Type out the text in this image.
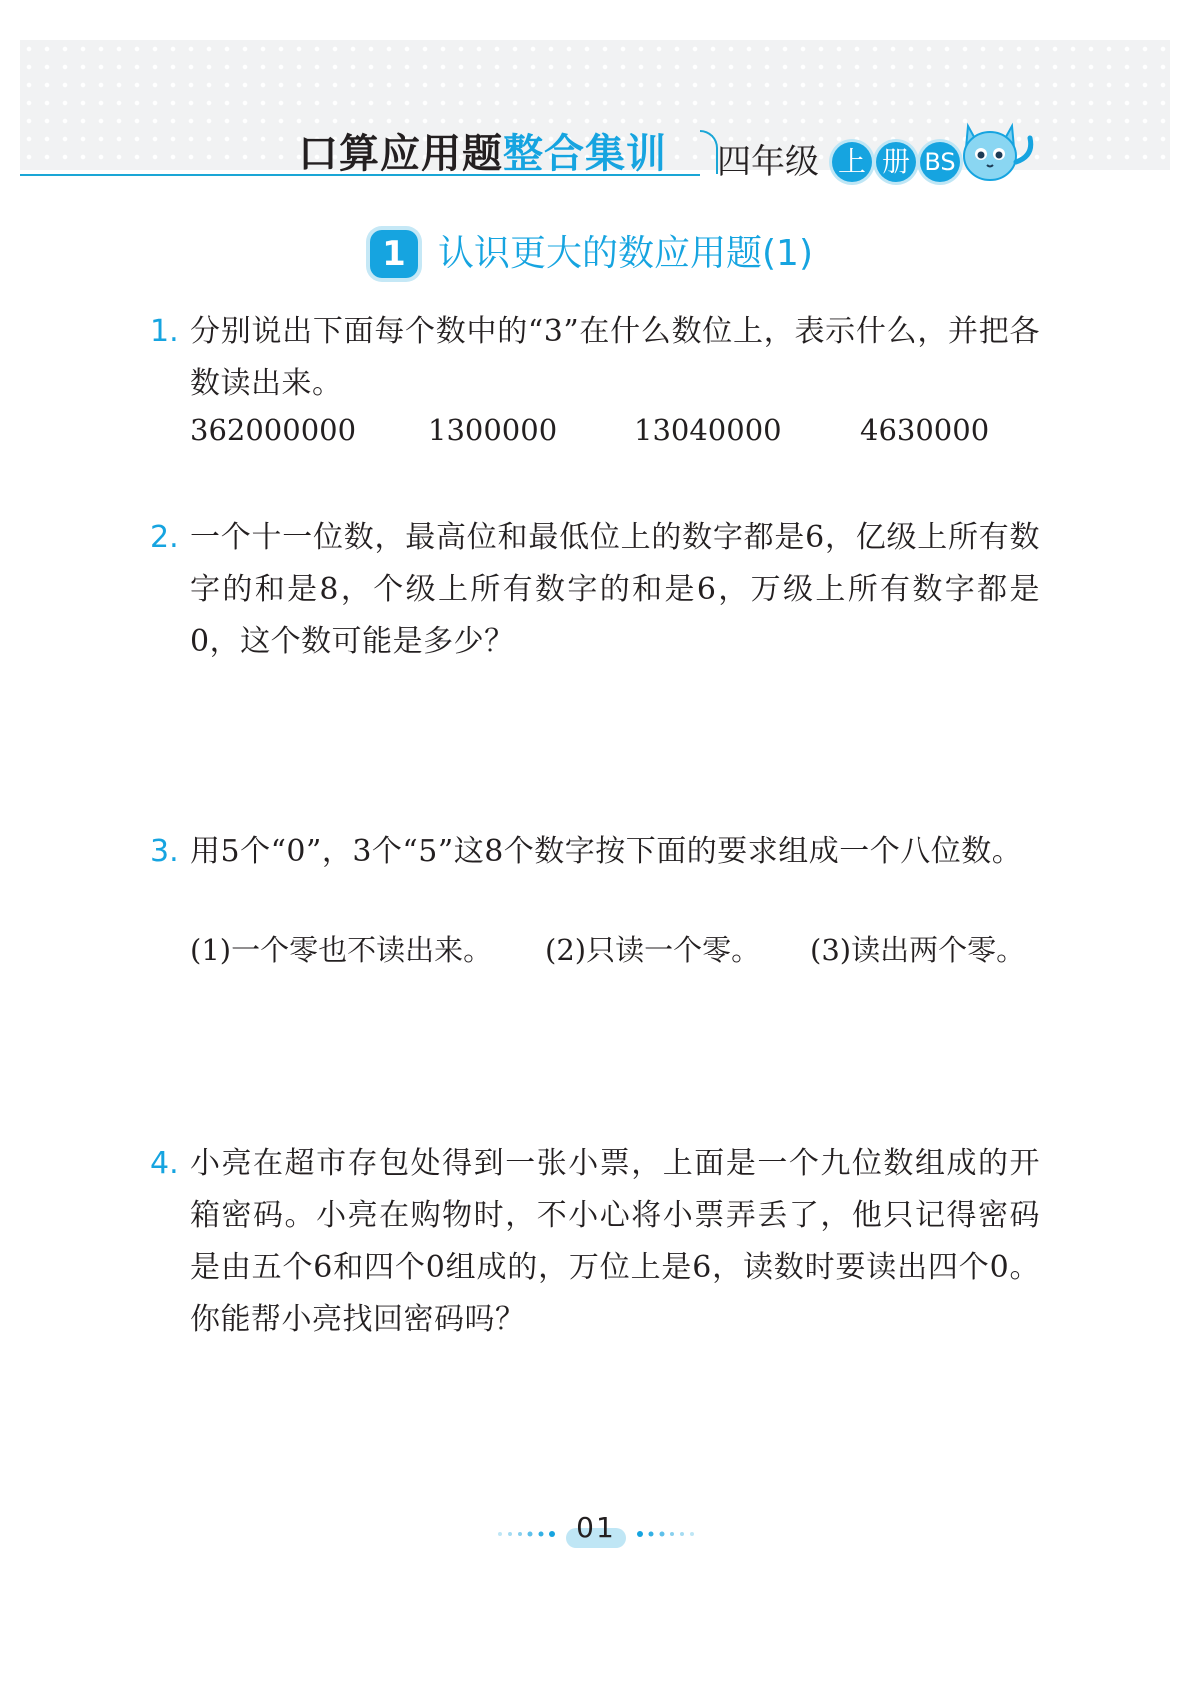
口算应用题整合集训 四年级 上 册 BS
1 认识更大的数应用题(1)
1. 分别说出下面每个数中的“3”在什么数位上，表示什么，并把各数读出来。
362000000 1300000	13040000	4630000
2. 一个十一位数，最高位和最低位上的数字都是6，亿级上所有数字的和是8，个级上所有数字的和是6，万级上所有数字都是0，这个数可能是多少？
3. 用5个“0”，3个“5”这8个数字按下面的要求组成一个八位数。
(1)一个零也不读出来。 (2)只读一个零。 (3)读出两个零。
4. 小亮在超市存包处得到一张小票，上面是一个九位数组成的开箱密码。小亮在购物时，不小心将小票弄丢了，他只记得密码是由五个6和四个0组成的，万位上是6，读数时要读出四个0。你能帮小亮找回密码吗？
01
